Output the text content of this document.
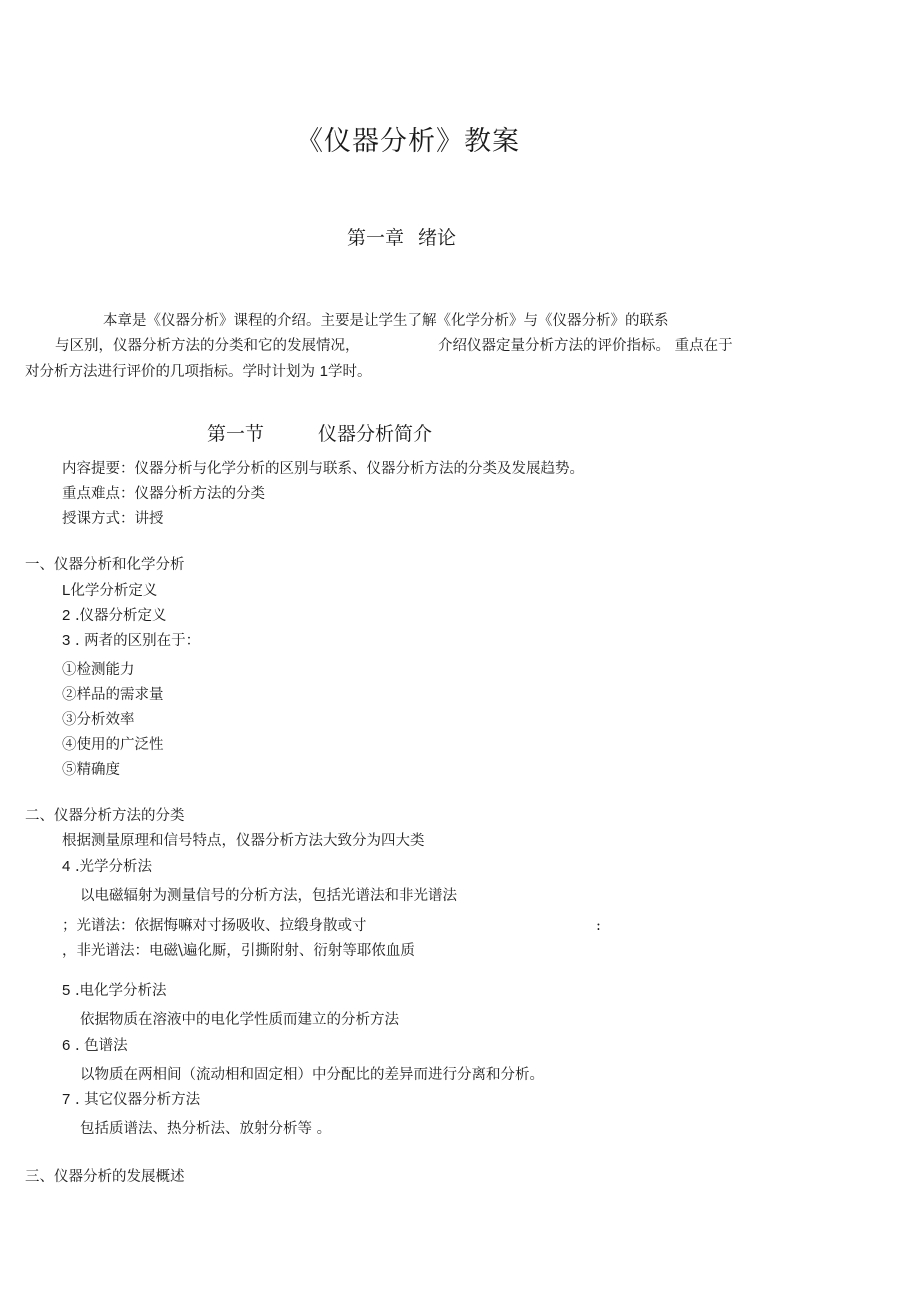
《仪器分析》教案
第一章 绪论
本章是《仪器分析》课程的介绍。主要是让学生了解《化学分析》与《仪器分析》的联系
与区别，仪器分析方法的分类和它的发展情况，	介绍仪器定量分析方法的评价指标。 重点在于
对分析方法进行评价的几项指标。学时计划为 1学时。
第一节	仪器分析简介
内容提要：仪器分析与化学分析的区别与联系、仪器分析方法的分类及发展趋势。
重点难点：仪器分析方法的分类
授课方式：讲授
一、仪器分析和化学分析
L化学分析定义
2 .仪器分析定义
3 . 两者的区别在于：
①检测能力
②样品的需求量
③分析效率
④使用的广泛性
⑤精确度
二、仪器分析方法的分类
根据测量原理和信号特点，仪器分析方法大致分为四大类
4 .光学分析法
以电磁辐射为测量信号的分析方法，包括光谱法和非光谱法
；光谱法：依据悔嘛对寸扬吸收、拉缎身散或寸	:
，非光谱法：电磁\遍化厮，引撕附射、衍射等耶侬血质
5 .电化学分析法
依据物质在溶液中的电化学性质而建立的分析方法
6 . 色谱法
以物质在两相间（流动相和固定相）中分配比的差异而进行分离和分析。
7 . 其它仪器分析方法
包括质谱法、热分析法、放射分析等 。
三、仪器分析的发展概述
